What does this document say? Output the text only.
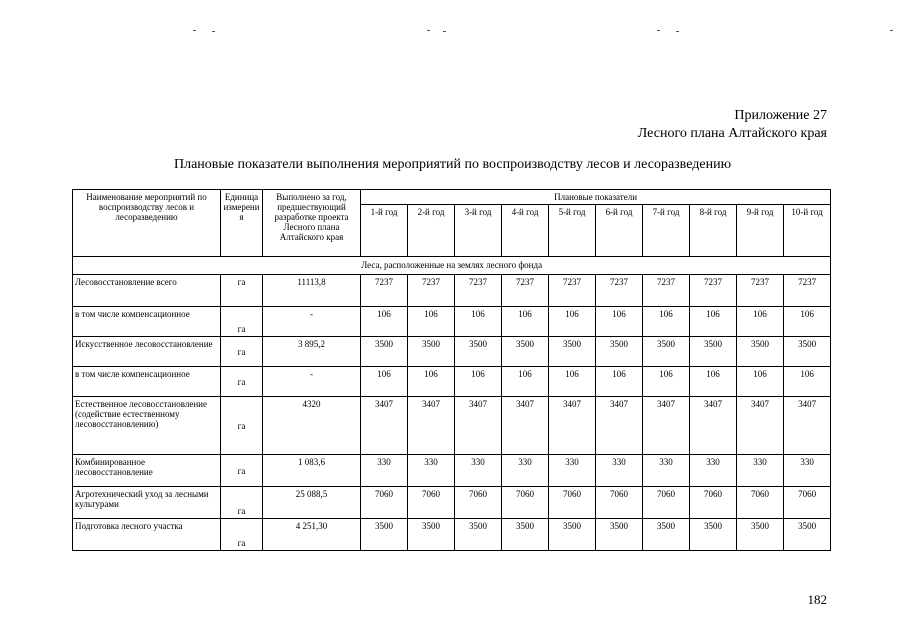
Приложение 27
Лесного плана Алтайского края
Плановые показатели выполнения мероприятий по воспроизводству лесов и лесоразведению
Наименование мероприятий по воспроизводству лесов и лесоразведению	Единица измерения	Выполнено за год, предшествующий разработке проекта Лесного плана Алтайского края	Плановые показатели									
			1-й год	2-й год	3-й год	4-й год	5-й год	6-й год	7-й год	8-й год	9-й год	10-й год
Леса, расположенные на землях лесного фонда												
Лесовосстановление всего	га	11113,8	7237	7237	7237	7237	7237	7237	7237	7237	7237	7237
в том числе компенсационное	га	-	106	106	106	106	106	106	106	106	106	106
Искусственное лесовосстановление	га	3 895,2	3500	3500	3500	3500	3500	3500	3500	3500	3500	3500
в том числе компенсационное	га	-	106	106	106	106	106	106	106	106	106	106
Естественное лесовосстановление (содействие естественному лесовосстановлению)	га	4320	3407	3407	3407	3407	3407	3407	3407	3407	3407	3407
Комбинированное лесовосстановление	га	1 083,6	330	330	330	330	330	330	330	330	330	330
Агротехнический уход за лесными культурами	га	25 088,5	7060	7060	7060	7060	7060	7060	7060	7060	7060	7060
Подготовка лесного участка	га	4 251,30	3500	3500	3500	3500	3500	3500	3500	3500	3500	3500
182
